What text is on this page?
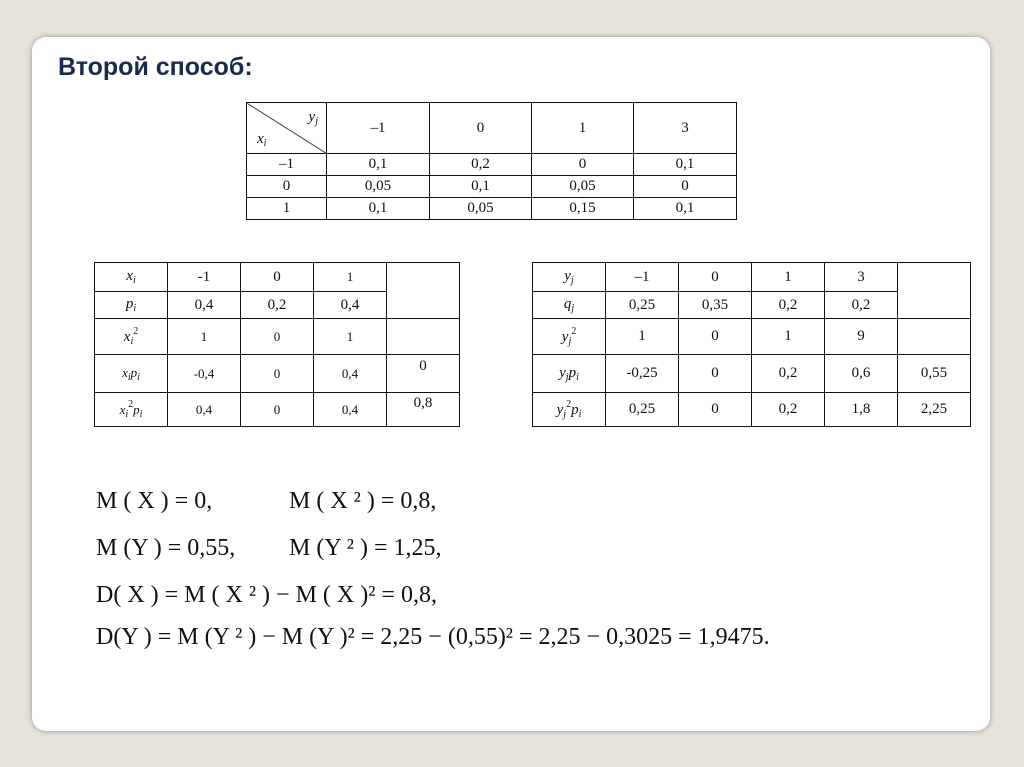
Второй способ:
$y_j$
$x_i$	–1	0	1	3
–1	0,1	0,2	0	0,1
0	0,05	0,1	0,05	0
1	0,1	0,05	0,15	0,1
$x_i$	-1	0	1	
$p_i$	0,4	0,2	0,4	
$x_i^2$	1	0	1	
$x_ip_i$	-0,4	0	0,4	0
$x_i^2p_i$	0,4	0	0,4	0,8
$y_j$	–1	0	1	3	
$q_j$	0,25	0,35	0,2	0,2	
$y_j^2$	1	0	1	9	
$y_jp_i$	-0,25	0	0,2	0,6	0,55
$y_j^2p_i$	0,25	0	0,2	1,8	2,25
M ( X ) = 0,	M ( X ² ) = 0,8,
M (Y ) = 0,55, M (Y ² ) = 1,25,
D( X ) = M ( X ² ) − M ( X )² = 0,8,
D(Y ) = M (Y ² ) − M (Y )² = 2,25 − (0,55)² = 2,25 − 0,3025 = 1,9475.
